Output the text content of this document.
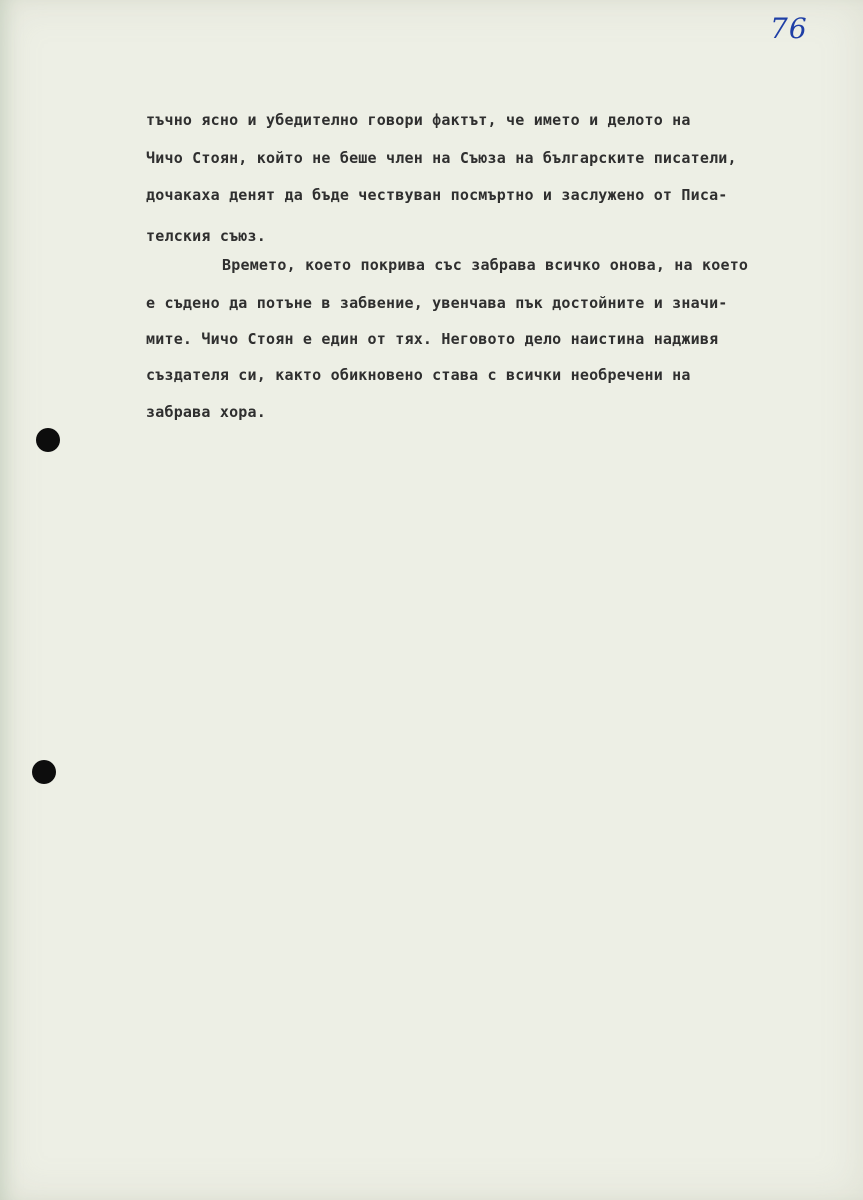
76
тъчно ясно и убедително говори фактът, че името и делото на
Чичо Стоян, който не беше член на Съюза на българските писатели,
дочакаха денят да бъде чествуван посмъртно и заслужено от Писа-
телския съюз.
Времето, което покрива със забрава всичко онова, на което
е съдено да потъне в забвение, увенчава пък достойните и значи-
мите. Чичо Стоян е един от тях. Неговото дело наистина надживя
създателя си, както обикновено става с всички необречени на
забрава хора.
